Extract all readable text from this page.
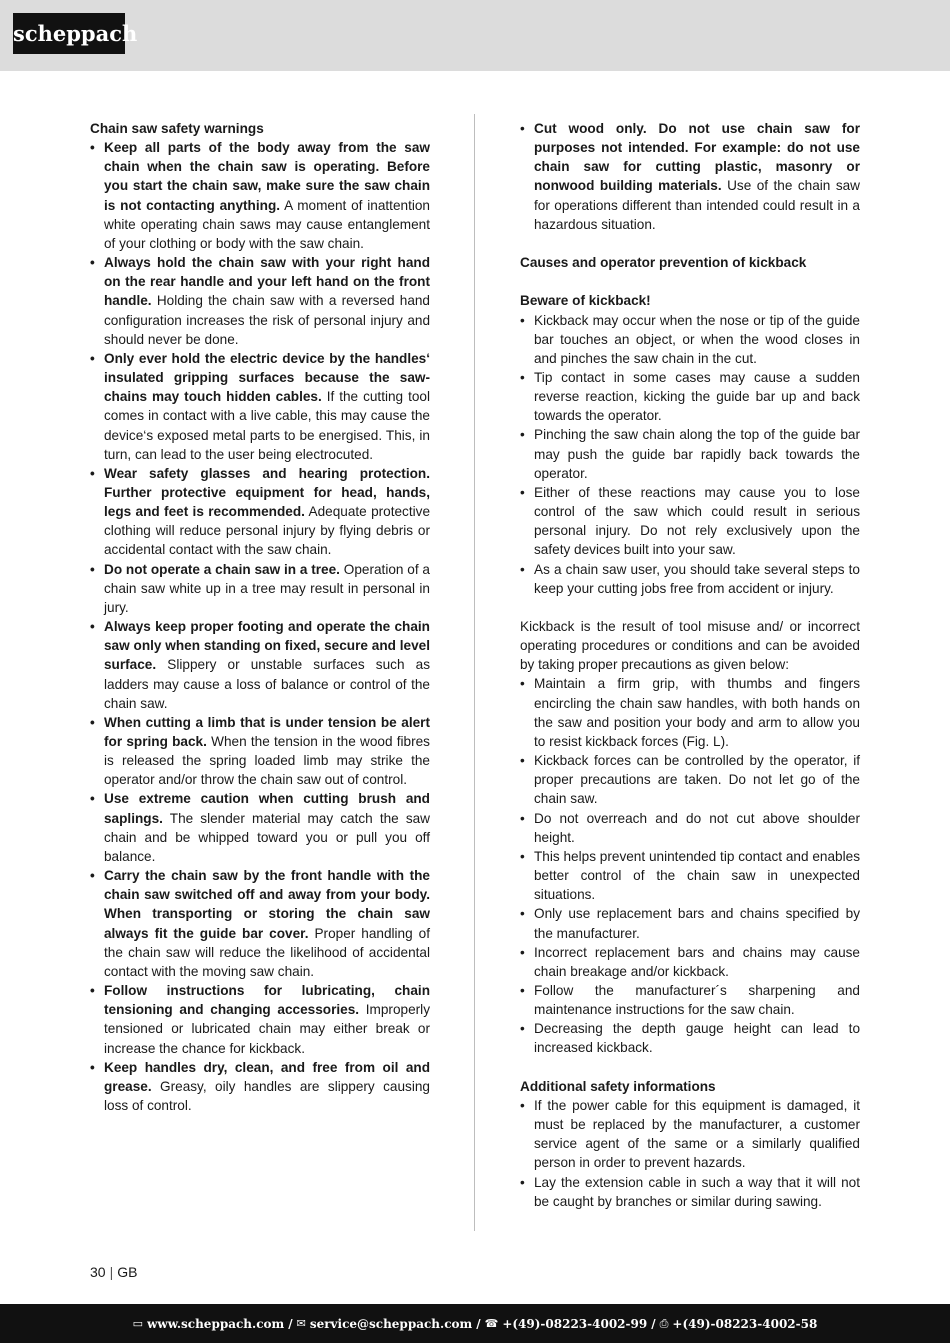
scheppach
Chain saw safety warnings
• Keep all parts of the body away from the saw chain when the chain saw is operating. Before you start the chain saw, make sure the saw chain is not contacting anything. A moment of inattention white operating chain saws may cause entanglement of your clothing or body with the saw chain.
• Always hold the chain saw with your right hand on the rear handle and your left hand on the front handle. Holding the chain saw with a reversed hand configuration increases the risk of personal injury and should never be done.
• Only ever hold the electric device by the handles‘ insulated gripping surfaces because the saw-chains may touch hidden cables. If the cutting tool comes in contact with a live cable, this may cause the device‘s exposed metal parts to be energised. This, in turn, can lead to the user being electrocuted.
• Wear safety glasses and hearing protection. Further protective equipment for head, hands, legs and feet is recommended. Adequate protective clothing will reduce personal injury by flying debris or accidental contact with the saw chain.
• Do not operate a chain saw in a tree. Operation of a chain saw white up in a tree may result in personal in jury.
• Always keep proper footing and operate the chain saw only when standing on fixed, secure and level surface. Slippery or unstable surfaces such as ladders may cause a loss of balance or control of the chain saw.
• When cutting a limb that is under tension be alert for spring back. When the tension in the wood fibres is released the spring loaded limb may strike the operator and/or throw the chain saw out of control.
• Use extreme caution when cutting brush and saplings. The slender material may catch the saw chain and be whipped toward you or pull you off balance.
• Carry the chain saw by the front handle with the chain saw switched off and away from your body. When transporting or storing the chain saw always fit the guide bar cover. Proper handling of the chain saw will reduce the likelihood of accidental contact with the moving saw chain.
• Follow instructions for lubricating, chain tensioning and changing accessories. Improperly tensioned or lubricated chain may either break or increase the chance for kickback.
• Keep handles dry, clean, and free from oil and grease. Greasy, oily handles are slippery causing loss of control.
• Cut wood only. Do not use chain saw for purposes not intended. For example: do not use chain saw for cutting plastic, masonry or nonwood building materials. Use of the chain saw for operations different than intended could result in a hazardous situation.
Causes and operator prevention of kickback
Beware of kickback!
• Kickback may occur when the nose or tip of the guide bar touches an object, or when the wood closes in and pinches the saw chain in the cut.
• Tip contact in some cases may cause a sudden reverse reaction, kicking the guide bar up and back towards the operator.
• Pinching the saw chain along the top of the guide bar may push the guide bar rapidly back towards the operator.
• Either of these reactions may cause you to lose control of the saw which could result in serious personal injury. Do not rely exclusively upon the safety devices built into your saw.
• As a chain saw user, you should take several steps to keep your cutting jobs free from accident or injury.
Kickback is the result of tool misuse and/ or incorrect operating procedures or conditions and can be avoided by taking proper precautions as given below:
• Maintain a firm grip, with thumbs and fingers encircling the chain saw handles, with both hands on the saw and position your body and arm to allow you to resist kickback forces (Fig. L).
• Kickback forces can be controlled by the operator, if proper precautions are taken. Do not let go of the chain saw.
• Do not overreach and do not cut above shoulder height.
• This helps prevent unintended tip contact and enables better control of the chain saw in unexpected situations.
• Only use replacement bars and chains specified by the manufacturer.
• Incorrect replacement bars and chains may cause chain breakage and/or kickback.
• Follow the manufacturer´s sharpening and maintenance instructions for the saw chain.
• Decreasing the depth gauge height can lead to increased kickback.
Additional safety informations
• If the power cable for this equipment is damaged, it must be replaced by the manufacturer, a customer service agent of the same or a similarly qualified person in order to prevent hazards.
• Lay the extension cable in such a way that it will not be caught by branches or similar during sawing.
30 | GB
▭ www.scheppach.com / ✉ service@scheppach.com / ☎ +(49)-08223-4002-99 / ⎙ +(49)-08223-4002-58
